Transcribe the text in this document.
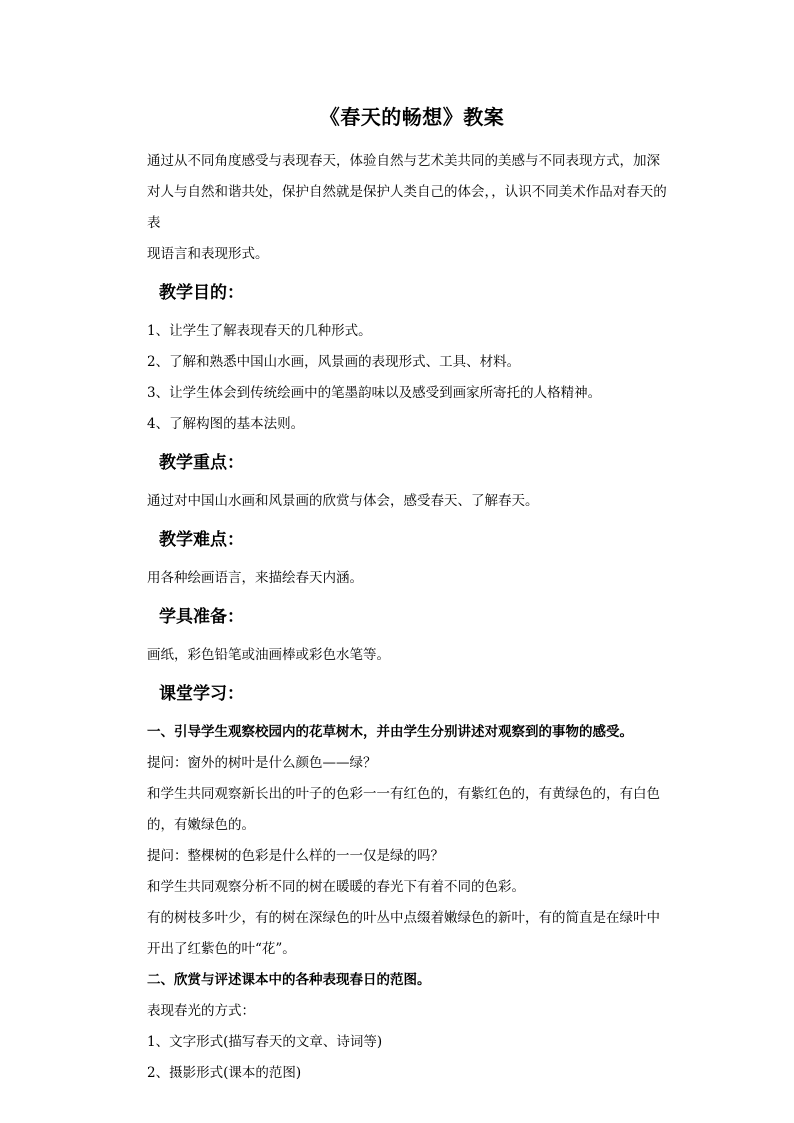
《春天的畅想》教案

通过从不同角度感受与表现春天，体验自然与艺术美共同的美感与不同表现方式，加深

对人与自然和谐共处，保护自然就是保护人类自己的体会，，认识不同美术作品对春天的表

现语言和表现形式。

教学目的：

1、让学生了解表现春天的几种形式。

2、了解和熟悉中国山水画，风景画的表现形式、工具、材料。

3、让学生体会到传统绘画中的笔墨韵味以及感受到画家所寄托的人格精神。

4、了解构图的基本法则。

教学重点：

通过对中国山水画和风景画的欣赏与体会，感受春天、了解春天。

教学难点：

用各种绘画语言，来描绘春天内涵。

学具准备：

画纸，彩色铅笔或油画棒或彩色水笔等。

课堂学习：

一、引导学生观察校园内的花草树木，并由学生分别讲述对观察到的事物的感受。

提问：窗外的树叶是什么颜色——绿？

和学生共同观察新长出的叶子的色彩一一有红色的，有紫红色的，有黄绿色的，有白色

的，有嫩绿色的。

提问：整棵树的色彩是什么样的一一仅是绿的吗？

和学生共同观察分析不同的树在暖暖的春光下有着不同的色彩。

有的树枝多叶少，有的树在深绿色的叶丛中点缀着嫩绿色的新叶，有的简直是在绿叶中

开出了红紫色的叶“花”。

二、欣赏与评述课本中的各种表现春日的范图。

表现春光的方式：

1、文字形式(描写春天的文章、诗词等)

2、摄影形式(课本的范图)
